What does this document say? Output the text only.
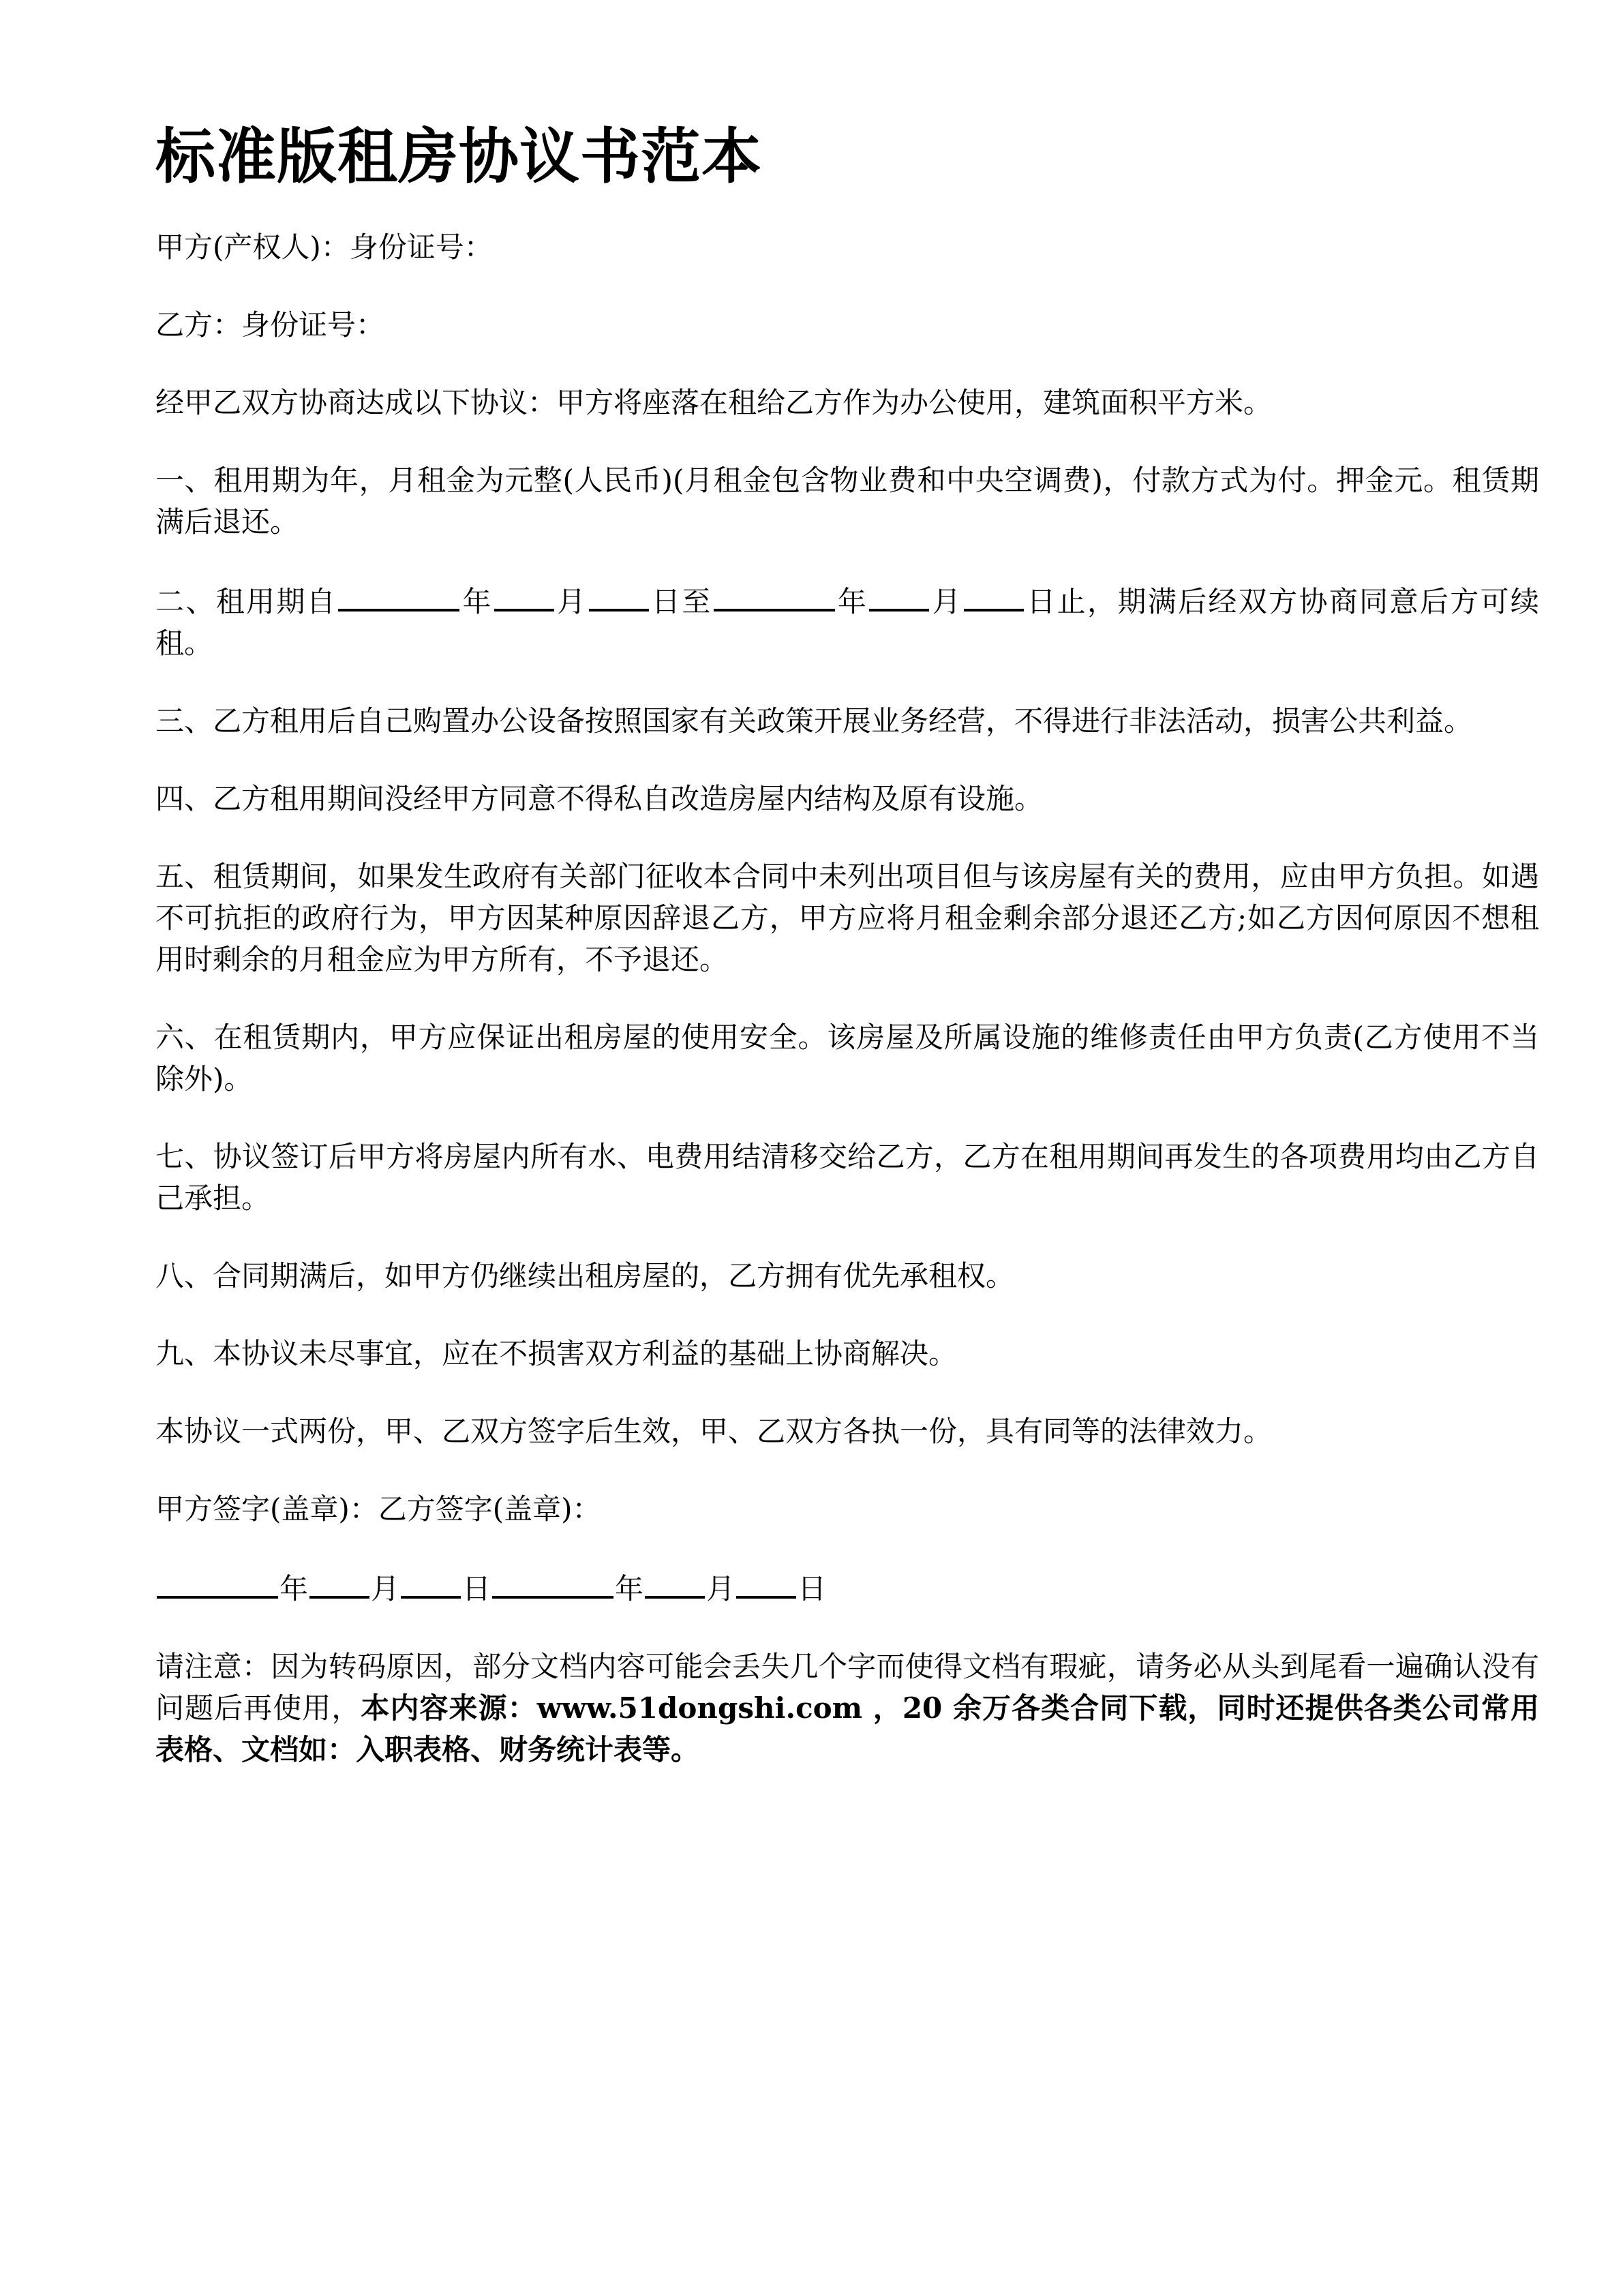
标准版租房协议书范本

甲方(产权人)：身份证号：

乙方：身份证号：

经甲乙双方协商达成以下协议：甲方将座落在租给乙方作为办公使用，建筑面积平方米。

一、租用期为年，月租金为元整(人民币)(月租金包含物业费和中央空调费)，付款方式为付。押金元。租赁期满后退还。

二、租用期自	年 月 日至	年 月 日止，期满后经双方协商同意后方可续租。

三、乙方租用后自己购置办公设备按照国家有关政策开展业务经营，不得进行非法活动，损害公共利益。

四、乙方租用期间没经甲方同意不得私自改造房屋内结构及原有设施。

五、租赁期间，如果发生政府有关部门征收本合同中未列出项目但与该房屋有关的费用，应由甲方负担。如遇不可抗拒的政府行为，甲方因某种原因辞退乙方，甲方应将月租金剩余部分退还乙方;如乙方因何原因不想租用时剩余的月租金应为甲方所有，不予退还。

六、在租赁期内，甲方应保证出租房屋的使用安全。该房屋及所属设施的维修责任由甲方负责(乙方使用不当除外)。

七、协议签订后甲方将房屋内所有水、电费用结清移交给乙方，乙方在租用期间再发生的各项费用均由乙方自己承担。

八、合同期满后，如甲方仍继续出租房屋的，乙方拥有优先承租权。

九、本协议未尽事宜，应在不损害双方利益的基础上协商解决。

本协议一式两份，甲、乙双方签字后生效，甲、乙双方各执一份，具有同等的法律效力。

甲方签字(盖章)：乙方签字(盖章)：

年 月 日	年 月 日

请注意：因为转码原因，部分文档内容可能会丢失几个字而使得文档有瑕疵，请务必从头到尾看一遍确认没有问题后再使用，本内容来源：www.51dongshi.com ，20 余万各类合同下载，同时还提供各类公司常用表格、文档如：入职表格、财务统计表等。
